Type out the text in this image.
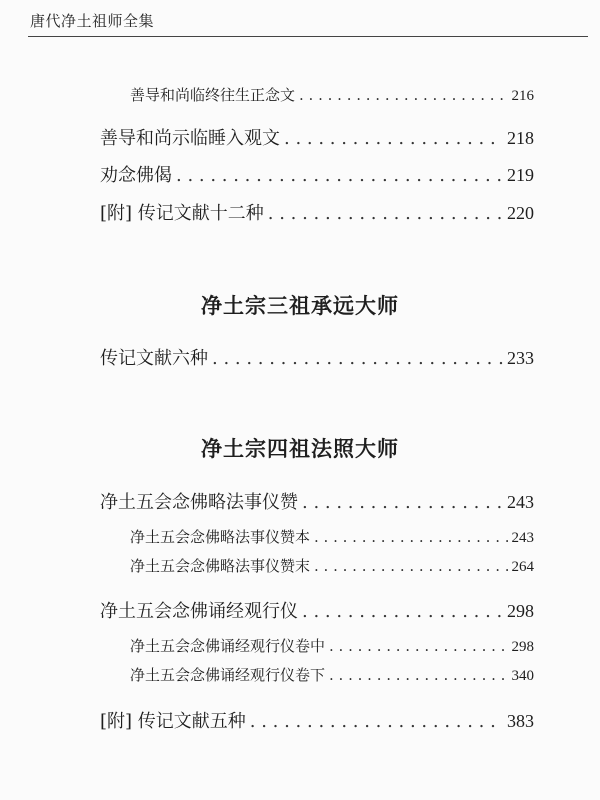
唐代净土祖师全集
善导和尚临终往生正念文 . . .	216
善导和尚示临睡入观文 . . .	218
劝念佛偈 . . .	219
[附] 传记文献十二种 . . .	220
净土宗三祖承远大师
传记文献六种 . . .	233
净土宗四祖法照大师
净土五会念佛略法事仪赞 . . .	243
净土五会念佛略法事仪赞本 . . .	243
净土五会念佛略法事仪赞末 . . .	264
净土五会念佛诵经观行仪 . . .	298
净土五会念佛诵经观行仪卷中 . . .	298
净土五会念佛诵经观行仪卷下 . . .	340
[附] 传记文献五种 . . .	383
